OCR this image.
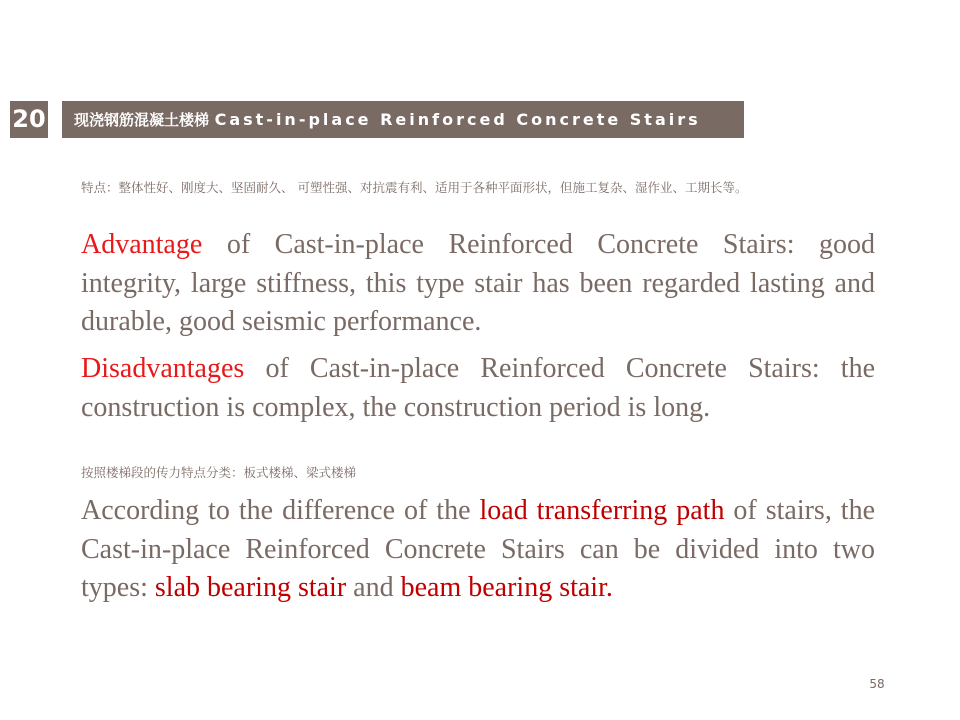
20	现浇钢筋混凝土楼梯 Cast-in-place Reinforced Concrete Stairs
特点：整体性好、刚度大、坚固耐久、 可塑性强、对抗震有利、适用于各种平面形状，但施工复杂、湿作业、工期长等。
Advantage of Cast-in-place Reinforced Concrete Stairs: good integrity, large stiffness, this type stair has been regarded lasting and durable, good seismic performance.
Disadvantages of Cast-in-place Reinforced Concrete Stairs: the construction is complex, the construction period is long.
按照楼梯段的传力特点分类：板式楼梯、梁式楼梯
According to the difference of the load transferring path of stairs, the Cast-in-place Reinforced Concrete Stairs can be divided into two types: slab bearing stair and beam bearing stair.
58
